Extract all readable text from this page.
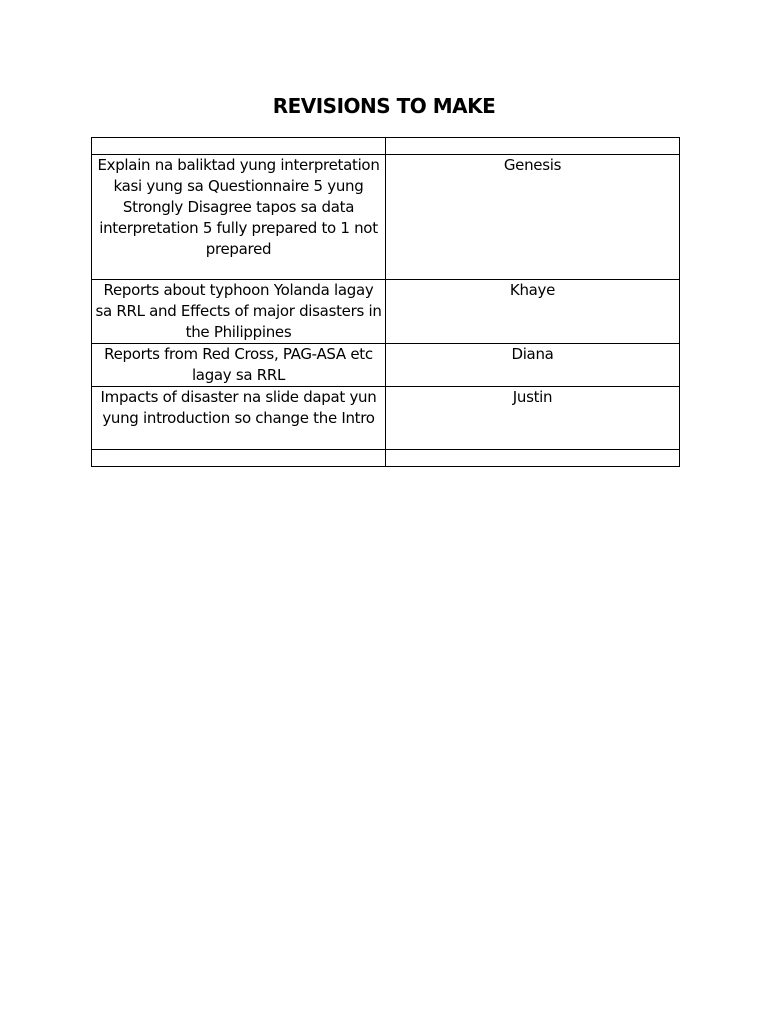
REVISIONS TO MAKE

Explain na baliktad yung interpretation kasi yung sa Questionnaire 5 yung Strongly Disagree tapos sa data interpretation 5 fully prepared to 1 not prepared	Genesis
Reports about typhoon Yolanda lagay sa RRL and Effects of major disasters in the Philippines	Khaye
Reports from Red Cross, PAG-ASA etc lagay sa RRL	Diana
Impacts of disaster na slide dapat yun yung introduction so change the Intro	Justin
